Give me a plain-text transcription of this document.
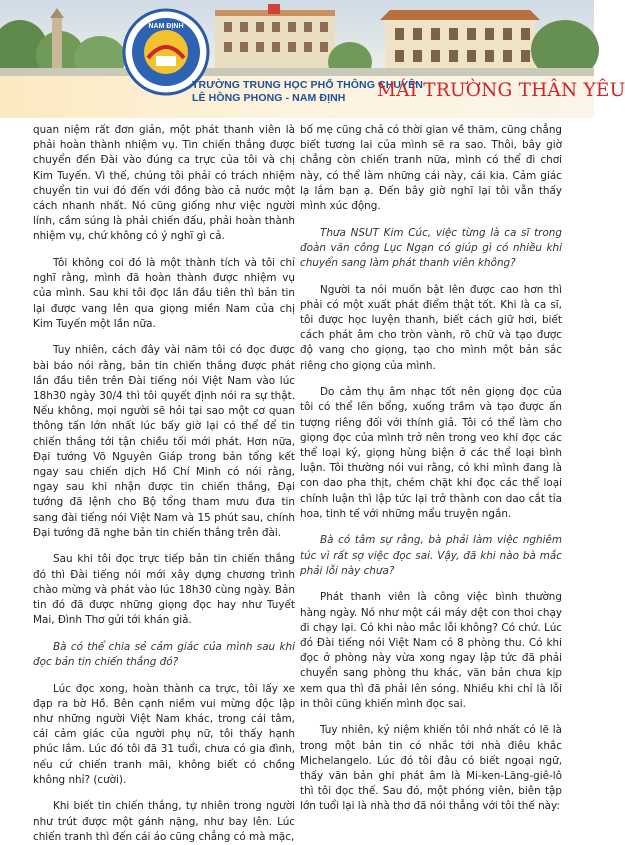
NAM ĐỊNH
TRƯỜNG TRUNG HỌC PHỔ THÔNG CHUYÊN
LÊ HỒNG PHONG - NAM ĐỊNH	MÁI TRƯỜNG THÂN YÊU

quan niệm rất đơn giản, một phát thanh viên là phải hoàn thành nhiệm vụ. Tin chiến thắng được chuyển đến Đài vào đúng ca trực của tôi và chị Kim Tuyến. Vì thế, chúng tôi phải có trách nhiệm chuyển tin vui đó đến với đồng bào cả nước một cách nhanh nhất. Nó cũng giống như việc người lính, cầm súng là phải chiến đấu, phải hoàn thành nhiệm vụ, chứ không có ý nghĩ gì cả.

Tôi không coi đó là một thành tích và tôi chỉ nghĩ rằng, mình đã hoàn thành được nhiệm vụ của mình. Sau khi tôi đọc lần đầu tiên thì bản tin lại được vang lên qua giọng miền Nam của chị Kim Tuyến một lần nữa.

Tuy nhiên, cách đây vài năm tôi có đọc được bài báo nói rằng, bản tin chiến thắng được phát lần đầu tiên trên Đài tiếng nói Việt Nam vào lúc 18h30 ngày 30/4 thì tôi quyết định nói ra sự thật. Nếu không, mọi người sẽ hỏi tại sao một cơ quan thông tấn lớn nhất lúc bấy giờ lại có thể để tin chiến thắng tới tận chiều tối mới phát. Hơn nữa, Đại tướng Võ Nguyên Giáp trong bản tổng kết ngay sau chiến dịch Hồ Chí Minh có nói rằng, ngay sau khi nhận được tin chiến thắng, Đại tướng đã lệnh cho Bộ tổng tham mưu đưa tin sang đài tiếng nói Việt Nam và 15 phút sau, chính Đại tướng đã nghe bản tin chiến thắng trên đài.

Sau khi tôi đọc trực tiếp bản tin chiến thắng đó thì Đài tiếng nói mới xây dựng chương trình chào mừng và phát vào lúc 18h30 cùng ngày. Bản tin đó đã được những giọng đọc hay như Tuyết Mai, Đình Thơ gửi tới khán giả.

Bà có thể chia sẻ cảm giác của mình sau khi đọc bản tin chiến thắng đó?

Lúc đọc xong, hoàn thành ca trực, tôi lấy xe đạp ra bờ Hồ. Bên cạnh niềm vui mừng độc lập như những người Việt Nam khác, trong cái tâm, cái cảm giác của người phụ nữ, tôi thấy hạnh phúc lắm. Lúc đó tôi đã 31 tuổi, chưa có gia đình, nếu cứ chiến tranh mãi, không biết có chồng không nhỉ? (cười).

Khi biết tin chiến thắng, tự nhiên trong người như trút được một gánh nặng, như bay lên. Lúc chiến tranh thì đến cái áo cũng chẳng có mà mặc,

bố mẹ cũng chả có thời gian về thăm, cũng chẳng biết tương lai của mình sẽ ra sao. Thôi, bây giờ chẳng còn chiến tranh nữa, mình có thể đi chơi này, có thể làm những cái này, cái kia. Cảm giác lạ lắm bạn ạ. Đến bây giờ nghĩ lại tôi vẫn thấy mình xúc động.

Thưa NSUT Kim Cúc, việc từng là ca sĩ trong đoàn văn công Lục Ngạn có giúp gì có nhiều khi chuyển sang làm phát thanh viên không?

Người ta nói muốn bật lên được cao hơn thì phải có một xuất phát điểm thật tốt. Khi là ca sĩ, tôi được học luyện thanh, biết cách giữ hơi, biết cách phát âm cho tròn vành, rõ chữ và tạo được độ vang cho giọng, tạo cho mình một bản sắc riêng cho giọng của mình.

Do cảm thụ âm nhạc tốt nên giọng đọc của tôi có thể lên bổng, xuống trầm và tạo được ấn tượng riêng đối với thính giả. Tôi có thể làm cho giọng đọc của mình trở nên trong veo khi đọc các thể loại ký, giọng hùng biện ở các thể loại bình luận. Tôi thường nói vui rằng, có khi mình đang là con dao pha thịt, chém chặt khi đọc các thể loại chính luận thì lập tức lại trở thành con dao cắt tỉa hoa, tinh tế với những mẩu truyện ngắn.

Bà có tâm sự rằng, bà phải làm việc nghiêm túc vì rất sợ việc đọc sai. Vậy, đã khi nào bà mắc phải lỗi này chưa?

Phát thanh viên là công việc bình thường hàng ngày. Nó như một cái máy dệt con thoi chạy đi chạy lại. Có khi nào mắc lỗi không? Có chứ. Lúc đó Đài tiếng nói Việt Nam có 8 phòng thu. Có khi đọc ở phòng này vừa xong ngay lập tức đã phải chuyển sang phòng thu khác, văn bản chưa kịp xem qua thì đã phải lên sóng. Nhiều khi chỉ là lỗi in thôi cũng khiến mình đọc sai.

Tuy nhiên, kỷ niệm khiến tôi nhớ nhất có lẽ là trong một bản tin có nhắc tới nhà điêu khắc Michelangelo. Lúc đó tôi đâu có biết ngoại ngữ, thấy văn bản ghi phát âm là Mi-ken-Lăng-giê-lô thì tôi đọc thế. Sau đó, một phóng viên, biên tập lớn tuổi lại là nhà thơ đã nói thẳng với tôi thế này:
